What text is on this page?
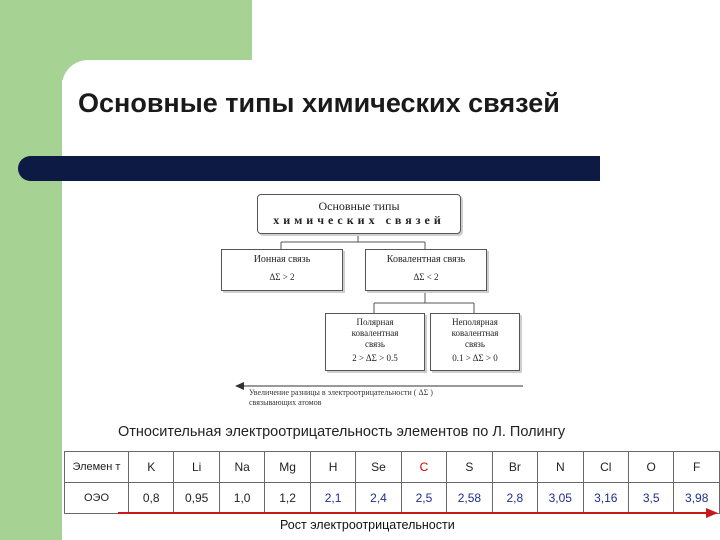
Основные типы химических связей
Основные типы
химических связей
Ионная связь
ΔΣ > 2
Ковалентная связь
ΔΣ < 2
Полярная
ковалентная
связь
2 > ΔΣ > 0.5
Неполярная
ковалентная
связь
0.1 > ΔΣ > 0
Увеличение разницы в электроотрицательности ( ΔΣ )
связывающих атомов

Относительная электроотрицательность элементов по Л. Полингу

Элемен т	K	Li	Na	Mg	H	Se	C	S	Br	N	Cl	O	F
ОЭО	0,8	0,95	1,0	1,2	2,1	2,4	2,5	2,58	2,8	3,05	3,16	3,5	3,98

Рост электроотрицательности
